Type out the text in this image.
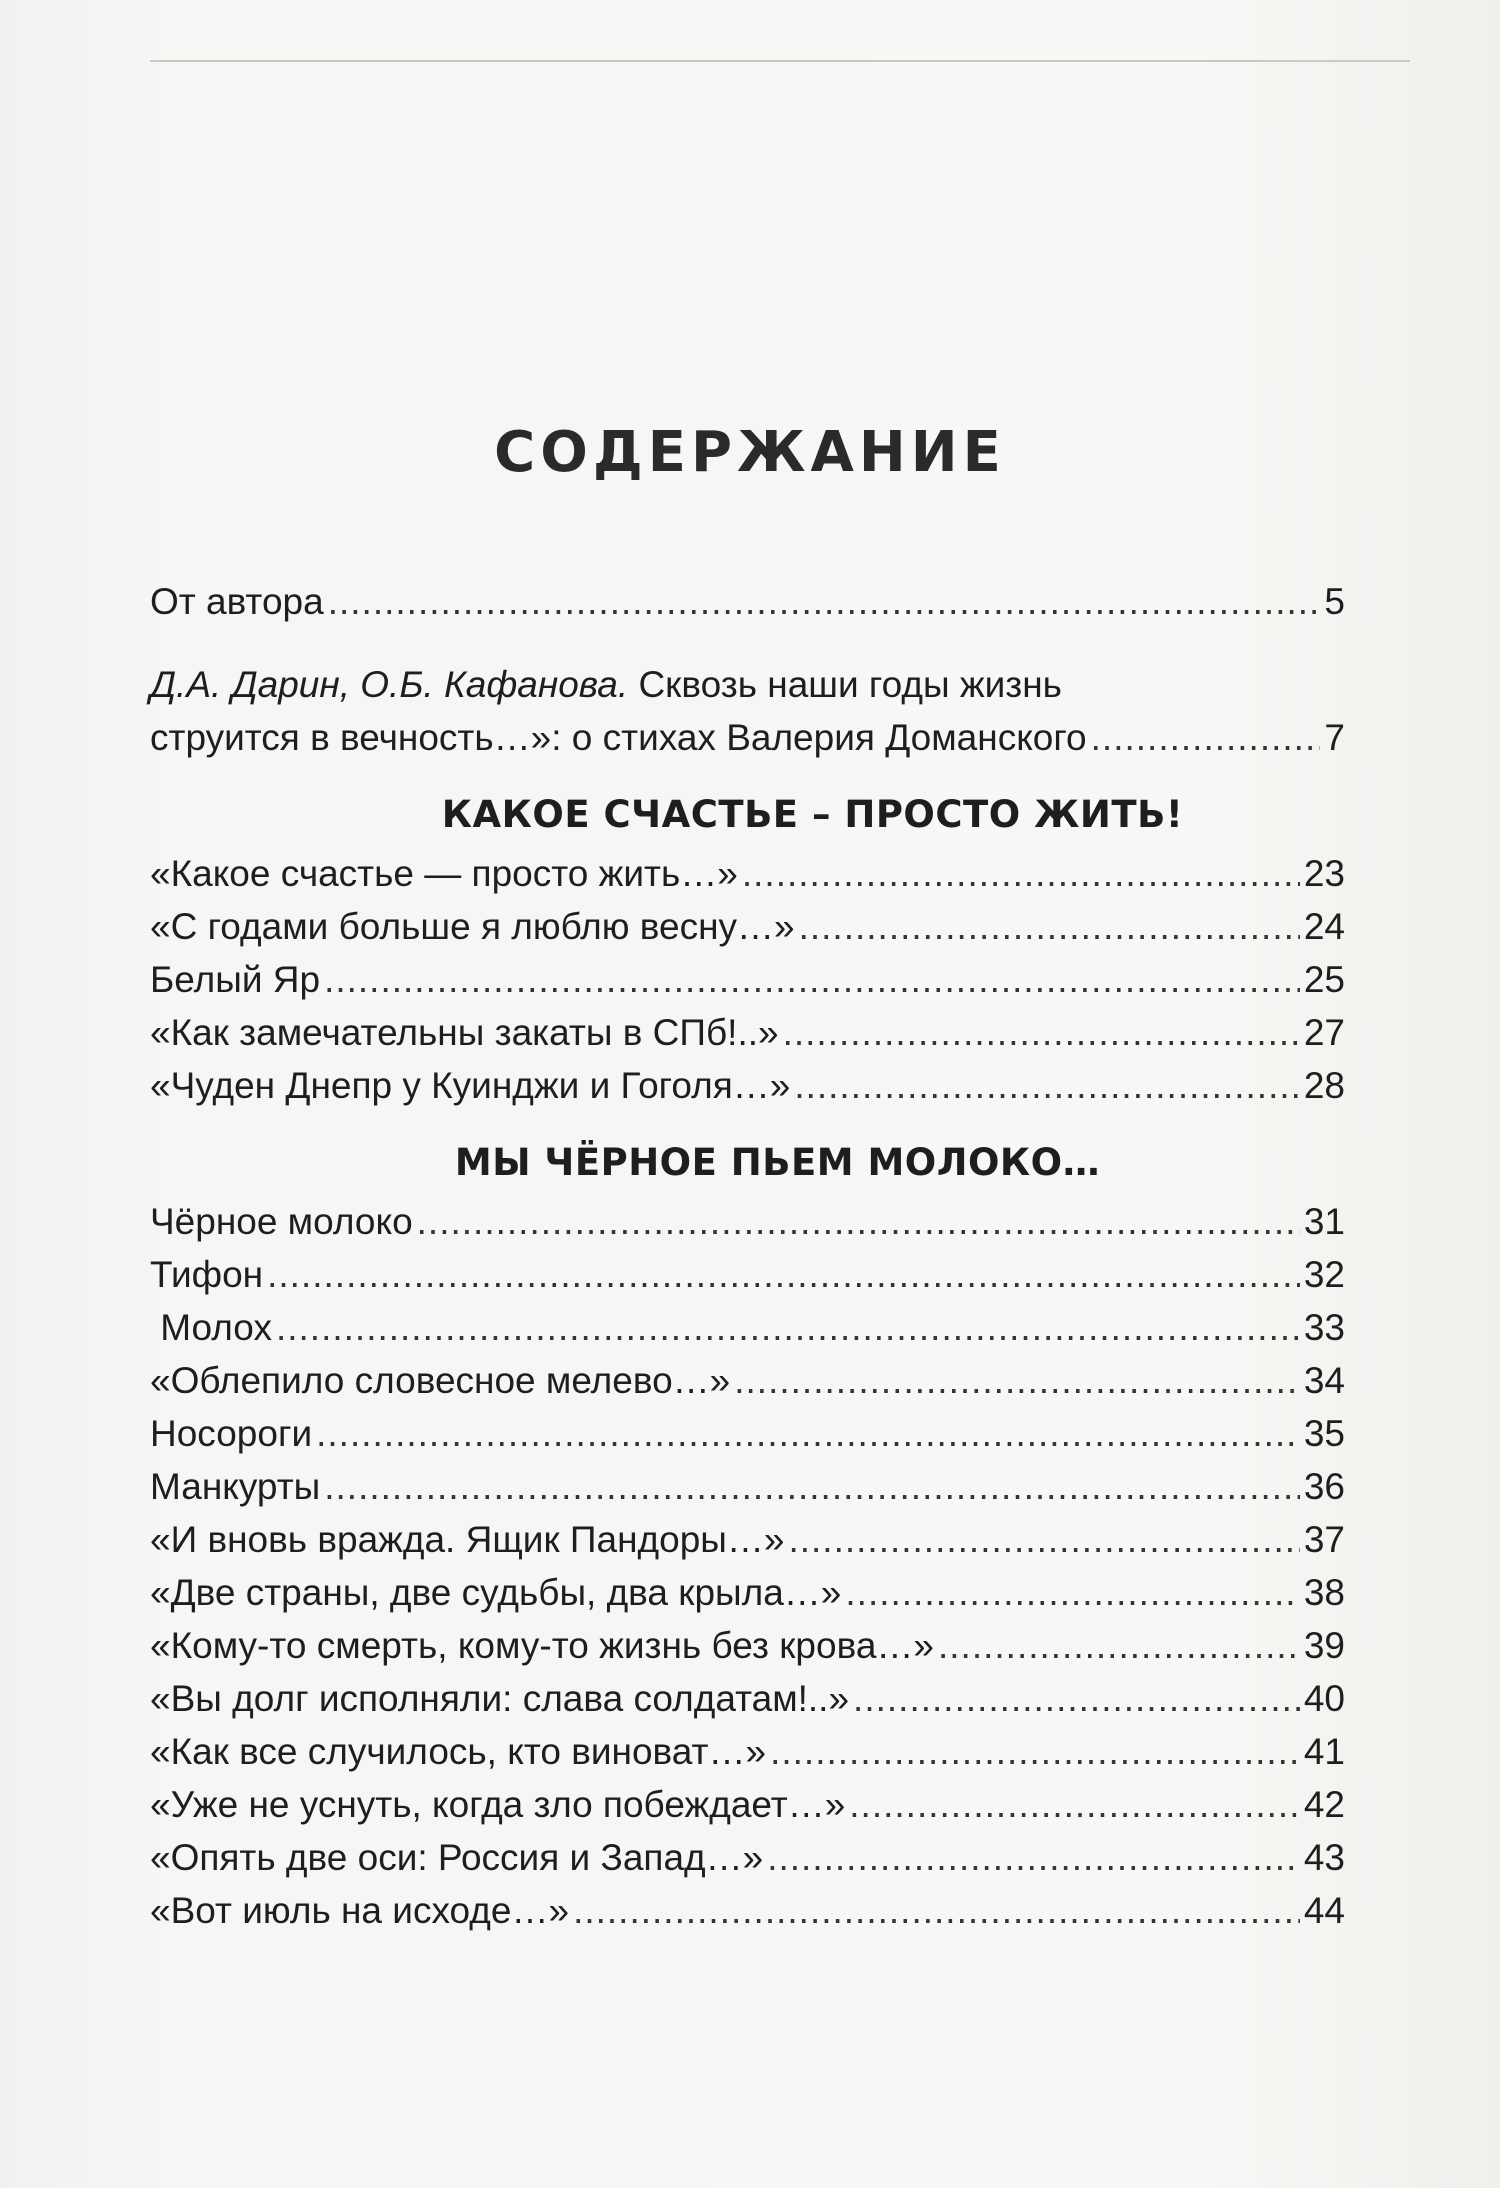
СОДЕРЖАНИЕ
От автора .....	5
Д.А. Дарин, О.Б. Кафанова. Сквозь наши годы жизнь
струится в вечность…»: о стихах Валерия Доманского .....	7
КАКОЕ СЧАСТЬЕ – ПРОСТО ЖИТЬ!
«Какое счастье — просто жить…» .....	23
«С годами больше я люблю весну…» .....	24
Белый Яр .....	25
«Как замечательны закаты в СПб!..» .....	27
«Чуден Днепр у Куинджи и Гоголя…» .....	28
МЫ ЧЁРНОЕ ПЬЕМ МОЛОКО…
Чёрное молоко .....	31
Тифон .....	32
Молох .....	33
«Облепило словесное мелево…» .....	34
Носороги .....	35
Манкурты .....	36
«И вновь вражда. Ящик Пандоры…» .....	37
«Две страны, две судьбы, два крыла…» .....	38
«Кому-то смерть, кому-то жизнь без крова…» .....	39
«Вы долг исполняли: слава солдатам!..» .....	40
«Как все случилось, кто виноват…» .....	41
«Уже не уснуть, когда зло побеждает…» .....	42
«Опять две оси: Россия и Запад…» .....	43
«Вот июль на исходе…» .....	44
